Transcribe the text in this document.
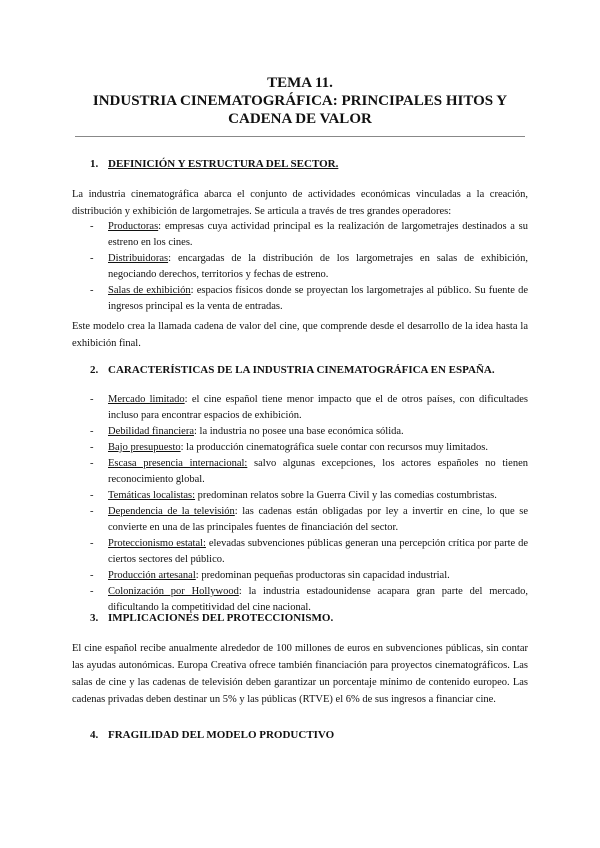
TEMA 11.
INDUSTRIA CINEMATOGRÁFICA: PRINCIPALES HITOS Y CADENA DE VALOR
1. DEFINICIÓN Y ESTRUCTURA DEL SECTOR.

La industria cinematográfica abarca el conjunto de actividades económicas vinculadas a la creación, distribución y exhibición de largometrajes. Se articula a través de tres grandes operadores:

- Productoras: empresas cuya actividad principal es la realización de largometrajes destinados a su estreno en los cines.
- Distribuidoras: encargadas de la distribución de los largometrajes en salas de exhibición, negociando derechos, territorios y fechas de estreno.
- Salas de exhibición: espacios físicos donde se proyectan los largometrajes al público. Su fuente de ingresos principal es la venta de entradas.

Este modelo crea la llamada cadena de valor del cine, que comprende desde el desarrollo de la idea hasta la exhibición final.

2. CARACTERÍSTICAS DE LA INDUSTRIA CINEMATOGRÁFICA EN ESPAÑA.
- Mercado limitado: el cine español tiene menor impacto que el de otros países, con dificultades incluso para encontrar espacios de exhibición.
- Debilidad financiera: la industria no posee una base económica sólida.
- Bajo presupuesto: la producción cinematográfica suele contar con recursos muy limitados.
- Escasa presencia internacional: salvo algunas excepciones, los actores españoles no tienen reconocimiento global.
- Temáticas localistas: predominan relatos sobre la Guerra Civil y las comedias costumbristas.
- Dependencia de la televisión: las cadenas están obligadas por ley a invertir en cine, lo que se convierte en una de las principales fuentes de financiación del sector.
- Proteccionismo estatal: elevadas subvenciones públicas generan una percepción crítica por parte de ciertos sectores del público.
- Producción artesanal: predominan pequeñas productoras sin capacidad industrial.
- Colonización por Hollywood: la industria estadounidense acapara gran parte del mercado, dificultando la competitividad del cine nacional.
3. IMPLICACIONES DEL PROTECCIONISMO.

El cine español recibe anualmente alrededor de 100 millones de euros en subvenciones públicas, sin contar las ayudas autonómicas. Europa Creativa ofrece también financiación para proyectos cinematográficos. Las salas de cine y las cadenas de televisión deben garantizar un porcentaje mínimo de contenido europeo. Las cadenas privadas deben destinar un 5% y las públicas (RTVE) el 6% de sus ingresos a financiar cine.

4. FRAGILIDAD DEL MODELO PRODUCTIVO
